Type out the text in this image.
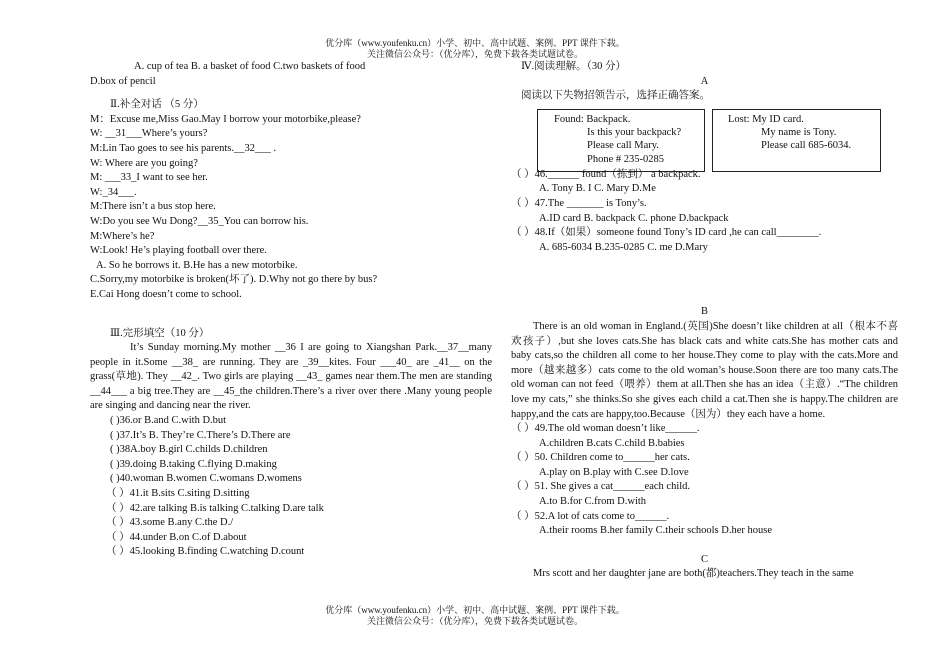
优分库（www.youfenku.cn）小学、初中、高中试题、案例、PPT 课件下载。
关注微信公众号：（优分库），免费下载各类试题试卷。
A. cup of tea B. a basket of food C.two baskets of food
D.box of pencil
Ⅱ.补全对话 （5 分）
M：Excuse me,Miss Gao.May I borrow your motorbike,please?
W: __31___Where’s yours?
M:Lin Tao goes to see his parents.__32___ .
W: Where are you going?
M: ___33_I want to see her.
W:_34___.
M:There isn’t a bus stop here.
W:Do you see Wu Dong?__35_You can borrow his.
M:Where’s he?
W:Look! He’s playing football over there.
A. So he borrows it. B.He has a new motorbike.
C.Sorry,my motorbike is broken(坏了). D.Why not go there by bus?
E.Cai Hong doesn’t come to school.
Ⅲ.完形填空（10 分）
It’s Sunday morning.My mother __36 I are going to Xiangshan Park.__37__many people in it.Some __38_ are running. They are _39__kites. Four ___40_ are _41__ on the grass(草地). They __42_. Two girls are playing __43_ games near them.The men are standing __44___ a big tree.They are __45_the children.There’s a river over there .Many young people are singing and dancing near the river.
( )36.or B.and C.with D.but
( )37.It’s B. They’re C.There’s D.There are
( )38A.boy B.girl C.childs D.children
( )39.doing B.taking C.flying D.making
( )40.woman B.women C.womans D.womens
（ ）41.it B.sits C.siting D.sitting
（ ）42.are talking B.is talking C.talking D.are talk
（ ）43.some B.any C.the D./
（ ）44.under B.on C.of D.about
（ ）45.looking B.finding C.watching D.count
Ⅳ.阅读理解。（30 分）
A
阅读以下失物招领告示，选择正确答案。
（ ）46.______ found（拣到） a backpack.
A. Tony B. I C. Mary D.Me
（ ）47.The _______ is Tony’s.
A.ID card B. backpack C. phone D.backpack
（ ）48.If（如果）someone found Tony’s ID card ,he can call________.
A. 685-6034 B.235-0285 C. me D.Mary
B
There is an old woman in England.(英国)She doesn’t like children at all（根本不喜欢孩子）,but she loves cats.She has black cats and white cats.She has mother cats and baby cats,so the children all come to her house.They come to play with the cats.More and more（越来越多）cats come to the old woman’s house.Soon there are too many cats.The old woman can not feed（喂养）them at all.Then she has an idea（主意）.“The children love my cats,” she thinks.So she gives each child a cat.Then she is happy.The children are happy,and the cats are happy,too.Because（因为）they each have a home.
（ ）49.The old woman doesn’t like______.
A.children B.cats C.child B.babies
（ ）50. Children come to______her cats.
A.play on B.play with C.see D.love
（ ）51. She gives a cat______each child.
A.to B.for C.from D.with
（ ）52.A lot of cats come to______.
A.their rooms B.her family C.their schools D.her house
C
Mrs scott and her daughter jane are both(都)teachers.They teach in the same
Found: Backpack.
Is this your backpack?
Please call Mary.
Phone # 235-0285
Lost: My ID card.
My name is Tony.
Please call 685-6034.
优分库（www.youfenku.cn）小学、初中、高中试题、案例、PPT 课件下载。
关注微信公众号：（优分库），免费下载各类试题试卷。
